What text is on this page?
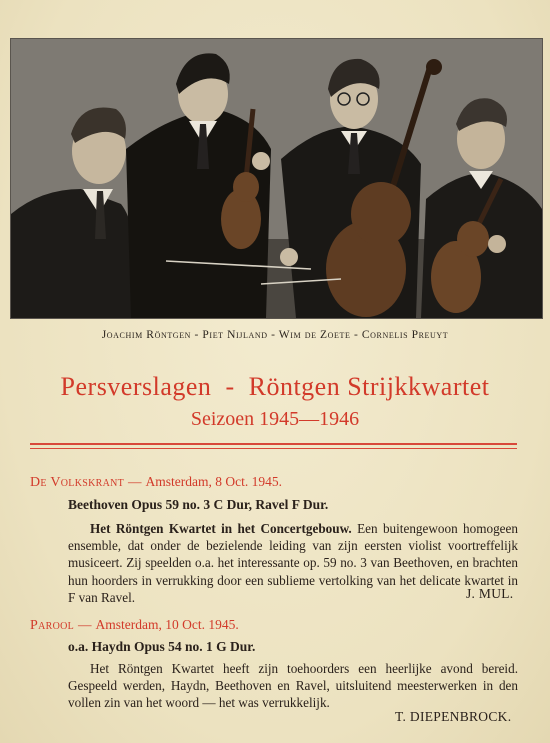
Joachim Röntgen - Piet Nijland - Wim de Zoete - Cornelis Preuyt
Persverslagen - Röntgen Strijkkwartet
Seizoen 1945—1946
De Volkskrant — Amsterdam, 8 Oct. 1945.
Beethoven Opus 59 no. 3 C Dur, Ravel F Dur.
Het Röntgen Kwartet in het Concertgebouw. Een buitengewoon homogeen ensemble, dat onder de bezielende leiding van zijn eersten violist voortreffelijk musiceert. Zij speelden o.a. het interessante op. 59 no. 3 van Beethoven, en brachten hun hoorders in verrukking door een sublieme vertolking van het delicate kwartet in F van Ravel.	J. MUL.
Parool — Amsterdam, 10 Oct. 1945.
o.a. Haydn Opus 54 no. 1 G Dur.
Het Röntgen Kwartet heeft zijn toehoorders een heerlijke avond bereid. Gespeeld werden, Haydn, Beethoven en Ravel, uitsluitend meesterwerken in den vollen zin van het woord — het was verrukkelijk.
T. DIEPENBROCK.
